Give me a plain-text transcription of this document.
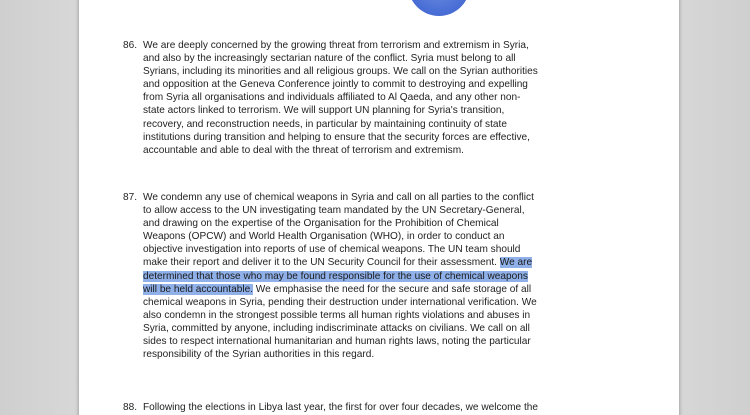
86. We are deeply concerned by the growing threat from terrorism and extremism in Syria,
and also by the increasingly sectarian nature of the conflict. Syria must belong to all
Syrians, including its minorities and all religious groups. We call on the Syrian authorities
and opposition at the Geneva Conference jointly to commit to destroying and expelling
from Syria all organisations and individuals affiliated to Al Qaeda, and any other non-
state actors linked to terrorism. We will support UN planning for Syria's transition,
recovery, and reconstruction needs, in particular by maintaining continuity of state
institutions during transition and helping to ensure that the security forces are effective,
accountable and able to deal with the threat of terrorism and extremism.
87. We condemn any use of chemical weapons in Syria and call on all parties to the conflict
to allow access to the UN investigating team mandated by the UN Secretary-General,
and drawing on the expertise of the Organisation for the Prohibition of Chemical
Weapons (OPCW) and World Health Organisation (WHO), in order to conduct an
objective investigation into reports of use of chemical weapons. The UN team should
make their report and deliver it to the UN Security Council for their assessment. We are
determined that those who may be found responsible for the use of chemical weapons
will be held accountable. We emphasise the need for the secure and safe storage of all
chemical weapons in Syria, pending their destruction under international verification. We
also condemn in the strongest possible terms all human rights violations and abuses in
Syria, committed by anyone, including indiscriminate attacks on civilians. We call on all
sides to respect international humanitarian and human rights laws, noting the particular
responsibility of the Syrian authorities in this regard.
88. Following the elections in Libya last year, the first for over four decades, we welcome the
